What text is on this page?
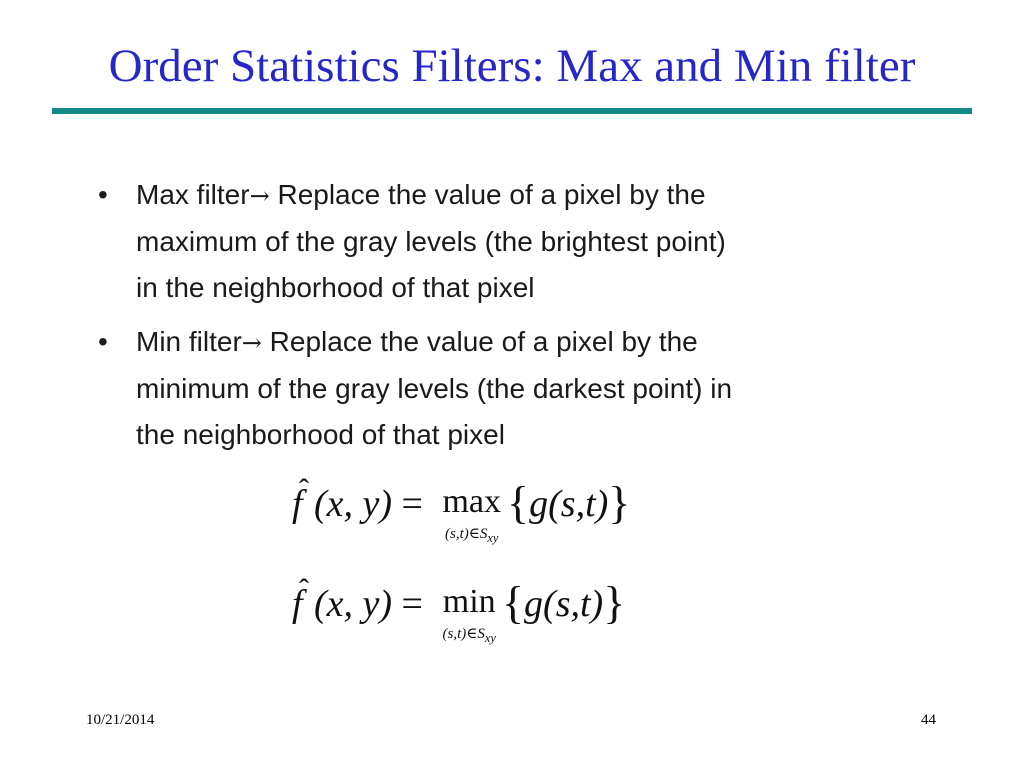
Order Statistics Filters: Max and Min filter
• Max filter→ Replace the value of a pixel by the
maximum of the gray levels (the brightest point)
in the neighborhood of that pixel
• Min filter→ Replace the value of a pixel by the
minimum of the gray levels (the darkest point) in
the neighborhood of that pixel
ˆ
f (x, y) = max
$(s,t)\in S_{xy}$
{ g(s,t) }
ˆ
f (x, y) = min
$(s,t)\in S_{xy}$
{ g(s,t) }
10/21/2014	44
